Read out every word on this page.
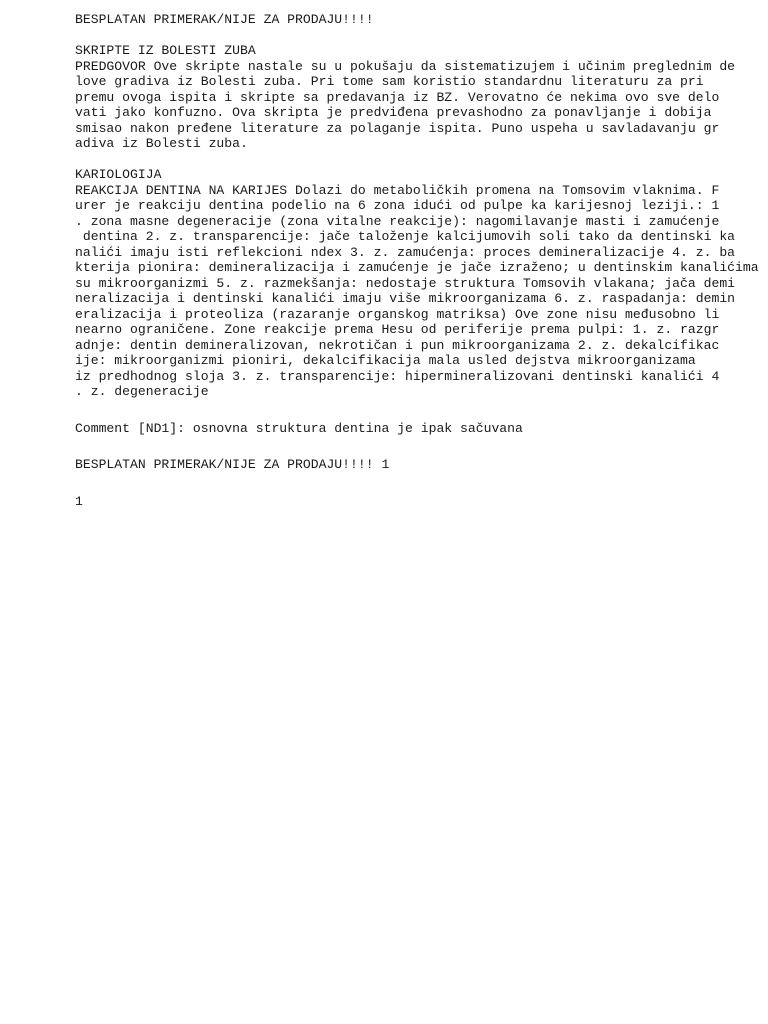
BESPLATAN PRIMERAK/NIJE ZA PRODAJU!!!!
SKRIPTE IZ BOLESTI ZUBA
PREDGOVOR Ove skripte nastale su u pokušaju da sistematizujem i učinim preglednim de
love gradiva iz Bolesti zuba. Pri tome sam koristio standardnu literaturu za pri
premu ovoga ispita i skripte sa predavanja iz BZ. Verovatno će nekima ovo sve delo
vati jako konfuzno. Ova skripta je predviđena prevashodno za ponavljanje i dobija
smisao nakon pređene literature za polaganje ispita. Puno uspeha u savladavanju gr
adiva iz Bolesti zuba.
KARIOLOGIJA
REAKCIJA DENTINA NA KARIJES Dolazi do metaboličkih promena na Tomsovim vlaknima. F
urer je reakciju dentina podelio na 6 zona idući od pulpe ka karijesnoj leziji.: 1
. zona masne degeneracije (zona vitalne reakcije): nagomilavanje masti i zamućenje
dentina 2. z. transparencije: jače taloženje kalcijumovih soli tako da dentinski ka
nalići imaju isti reflekcioni ndex 3. z. zamućenja: proces demineralizacije 4. z. ba
kterija pionira: demineralizacija i zamućenje je jače izraženo; u dentinskim kanalićima
su mikroorganizmi 5. z. razmekšanja: nedostaje struktura Tomsovih vlakana; jača demi
neralizacija i dentinski kanalići imaju više mikroorganizama 6. z. raspadanja: demin
eralizacija i proteoliza (razaranje organskog matriksa) Ove zone nisu međusobno li
nearno ograničene. Zone reakcije prema Hesu od periferije prema pulpi: 1. z. razgr
adnje: dentin demineralizovan, nekrotičan i pun mikroorganizama 2. z. dekalcifikac
ije: mikroorganizmi pioniri, dekalcifikacija mala usled dejstva mikroorganizama
iz predhodnog sloja 3. z. transparencije: hipermineralizovani dentinski kanalići 4
. z. degeneracije
Comment [ND1]: osnovna struktura dentina je ipak sačuvana
BESPLATAN PRIMERAK/NIJE ZA PRODAJU!!!! 1
1
